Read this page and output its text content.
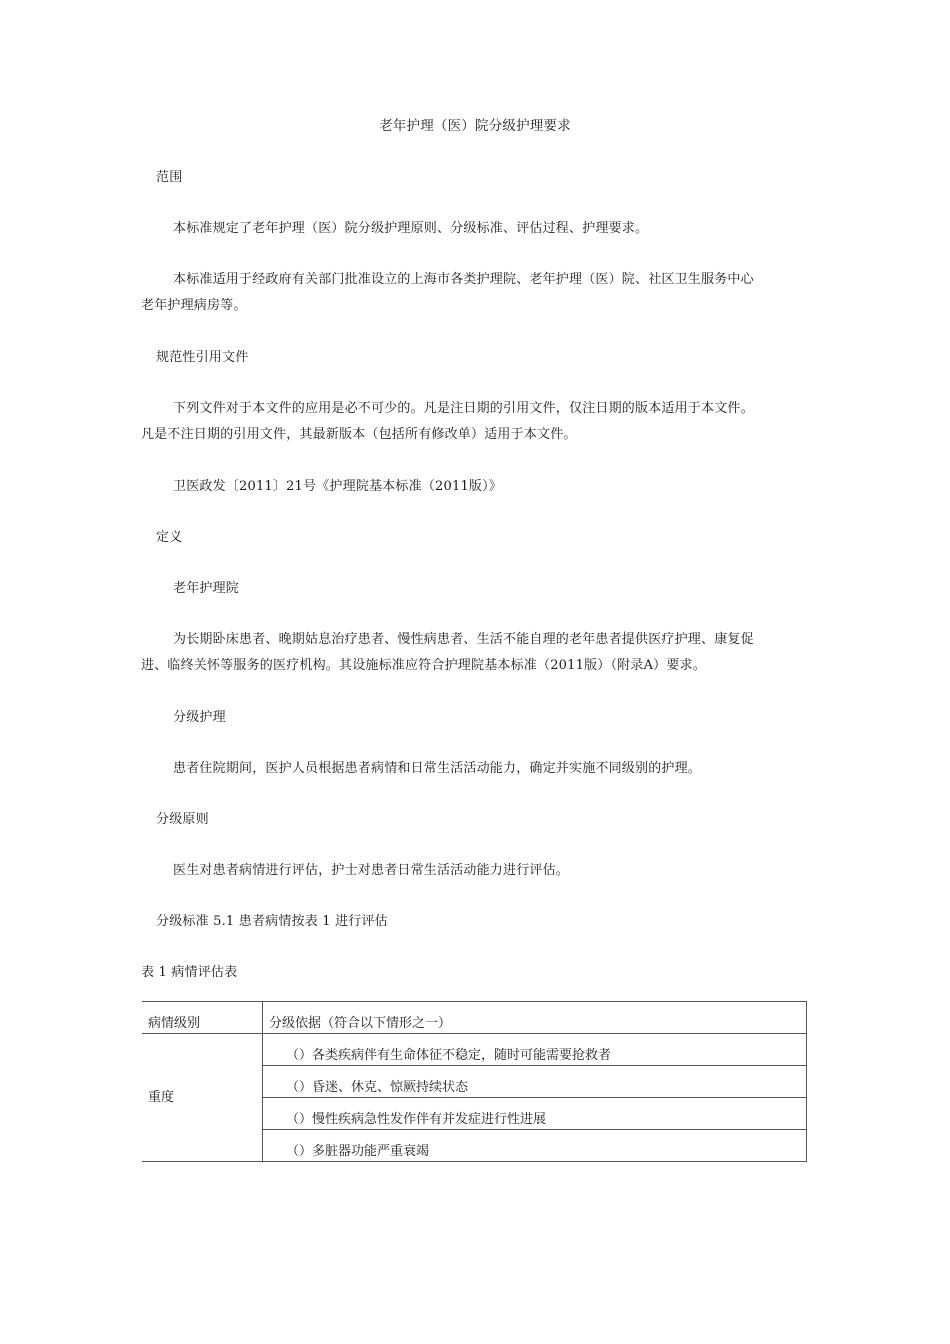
老年护理（医）院分级护理要求
范围
本标准规定了老年护理（医）院分级护理原则、分级标准、评估过程、护理要求。
本标准适用于经政府有关部门批准设立的上海市各类护理院、老年护理（医）院、社区卫生服务中心
老年护理病房等。
规范性引用文件
下列文件对于本文件的应用是必不可少的。凡是注日期的引用文件，仅注日期的版本适用于本文件。
凡是不注日期的引用文件，其最新版本（包括所有修改单）适用于本文件。
卫医政发〔2011〕21号《护理院基本标准（2011版）》
定义
老年护理院
为长期卧床患者、晚期姑息治疗患者、慢性病患者、生活不能自理的老年患者提供医疗护理、康复促
进、临终关怀等服务的医疗机构。其设施标准应符合护理院基本标准（2011版）（附录A）要求。
分级护理
患者住院期间，医护人员根据患者病情和日常生活活动能力，确定并实施不同级别的护理。
分级原则
医生对患者病情进行评估，护士对患者日常生活活动能力进行评估。
分级标准 5.1 患者病情按表 1 进行评估
表 1 病情评估表
病情级别	分级依据（符合以下情形之一）
重度	（）各类疾病伴有生命体征不稳定，随时可能需要抢救者
	（）昏迷、休克、惊厥持续状态
	（）慢性疾病急性发作伴有并发症进行性进展
	（）多脏器功能严重衰竭
